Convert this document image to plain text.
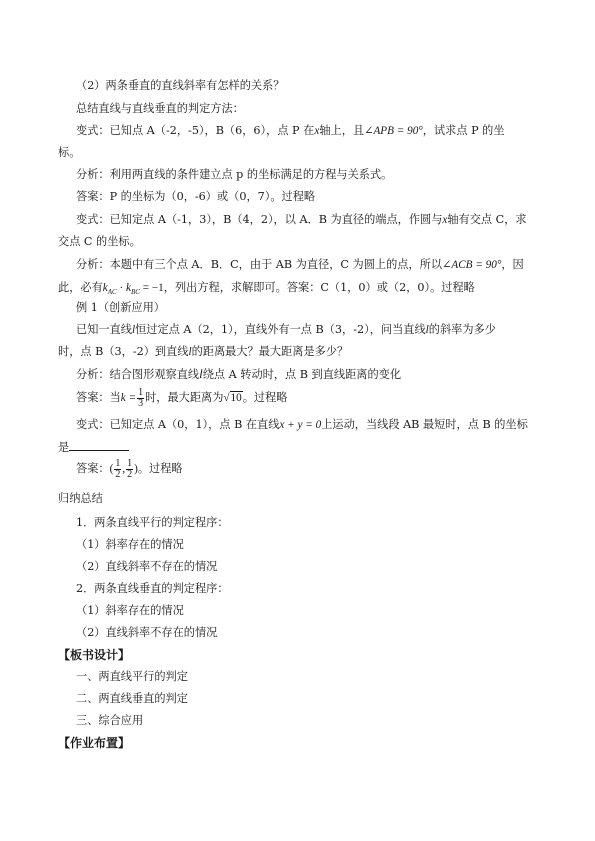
（2）两条垂直的直线斜率有怎样的关系？
总结直线与直线垂直的判定方法：
变式：已知点 A（-2，-5），B（6，6），点 P 在x轴上，且∠APB = 90°，试求点 P 的坐
标。
分析：利用两直线的条件建立点 p 的坐标满足的方程与关系式。
答案：P 的坐标为（0，-6）或（0，7）。过程略
变式：已知定点 A（-1，3），B（4，2），以 A．B 为直径的端点，作圆与x轴有交点 C，求
交点 C 的坐标。
分析：本题中有三个点 A．B．C，由于 AB 为直径，C 为圆上的点，所以∠ACB = 90°，因
此，必有$k_{AC} \cdot k_{BC} = -1$，列出方程，求解即可。答案：C（1，0）或（2，0）。过程略
例 1（创新应用）
已知一直线l恒过定点 A（2，1），直线外有一点 B（3，-2），问当直线l的斜率为多少
时，点 B（3，-2）到直线l的距离最大？最大距离是多少？
分析：结合图形观察直线l绕点 A 转动时，点 B 到直线距离的变化
答案：当$k = \frac{1}{3}$ 时，最大距离为√10。过程略
变式：已知定点 A（0，1），点 B 在直线x + y = 0上运动，当线段 AB 最短时，点 B 的坐标
是
答案：( $\frac{1}{2}$ , $\frac{1}{2}$ )。过程略
归纳总结
1．两条直线平行的判定程序：
（1）斜率存在的情况
（2）直线斜率不存在的情况
2．两条直线垂直的判定程序：
（1）斜率存在的情况
（2）直线斜率不存在的情况
【板书设计】
一、两直线平行的判定
二、两直线垂直的判定
三、综合应用
【作业布置】
